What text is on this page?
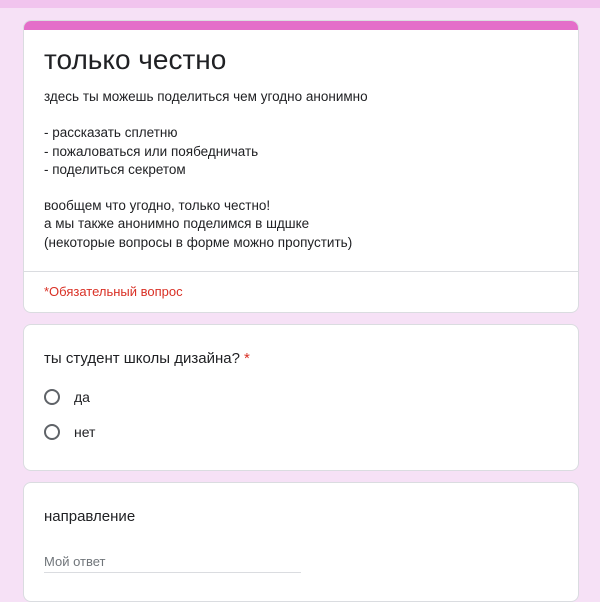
только честно

здесь ты можешь поделиться чем угодно анонимно

- рассказать сплетню
- пожаловаться или поябедничать
- поделиться секретом

вообщем что угодно, только честно!
а мы также анонимно поделимся в шдшке
(некоторые вопросы в форме можно пропустить)

*Обязательный вопрос
ты студент школы дизайна? *
да
нет
направление
Мой ответ
